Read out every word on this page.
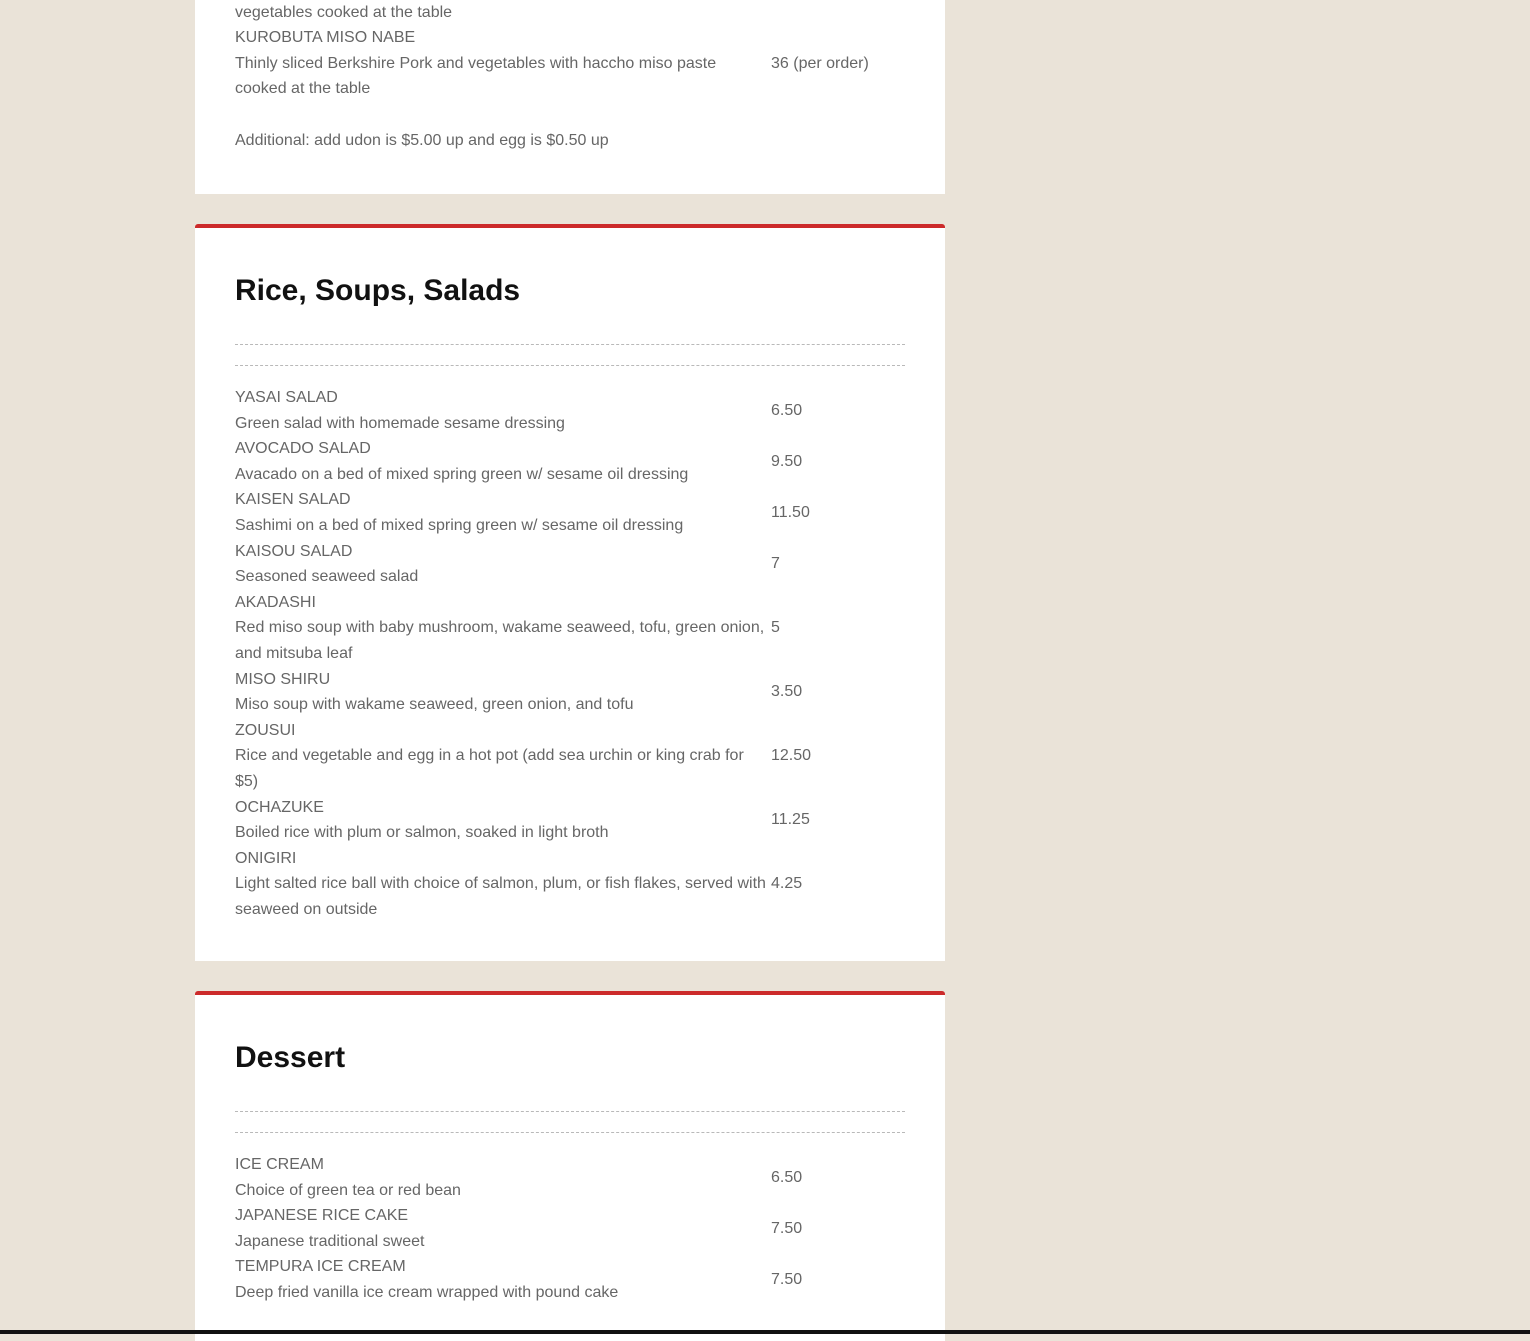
vegetables cooked at the table
KUROBUTA MISO NABE
Thinly sliced Berkshire Pork and vegetables with haccho miso paste cooked at the table
36 (per order)
Additional: add udon is $5.00 up and egg is $0.50 up
Rice, Soups, Salads
YASAI SALAD
Green salad with homemade sesame dressing
6.50
AVOCADO SALAD
Avacado on a bed of mixed spring green w/ sesame oil dressing
9.50
KAISEN SALAD
Sashimi on a bed of mixed spring green w/ sesame oil dressing
11.50
KAISOU SALAD
Seasoned seaweed salad
7
AKADASHI
Red miso soup with baby mushroom, wakame seaweed, tofu, green onion, and mitsuba leaf
5
MISO SHIRU
Miso soup with wakame seaweed, green onion, and tofu
3.50
ZOUSUI
Rice and vegetable and egg in a hot pot (add sea urchin or king crab for $5)
12.50
OCHAZUKE
Boiled rice with plum or salmon, soaked in light broth
11.25
ONIGIRI
Light salted rice ball with choice of salmon, plum, or fish flakes, served with seaweed on outside
4.25
Dessert
ICE CREAM
Choice of green tea or red bean
6.50
JAPANESE RICE CAKE
Japanese traditional sweet
7.50
TEMPURA ICE CREAM
Deep fried vanilla ice cream wrapped with pound cake
7.50
